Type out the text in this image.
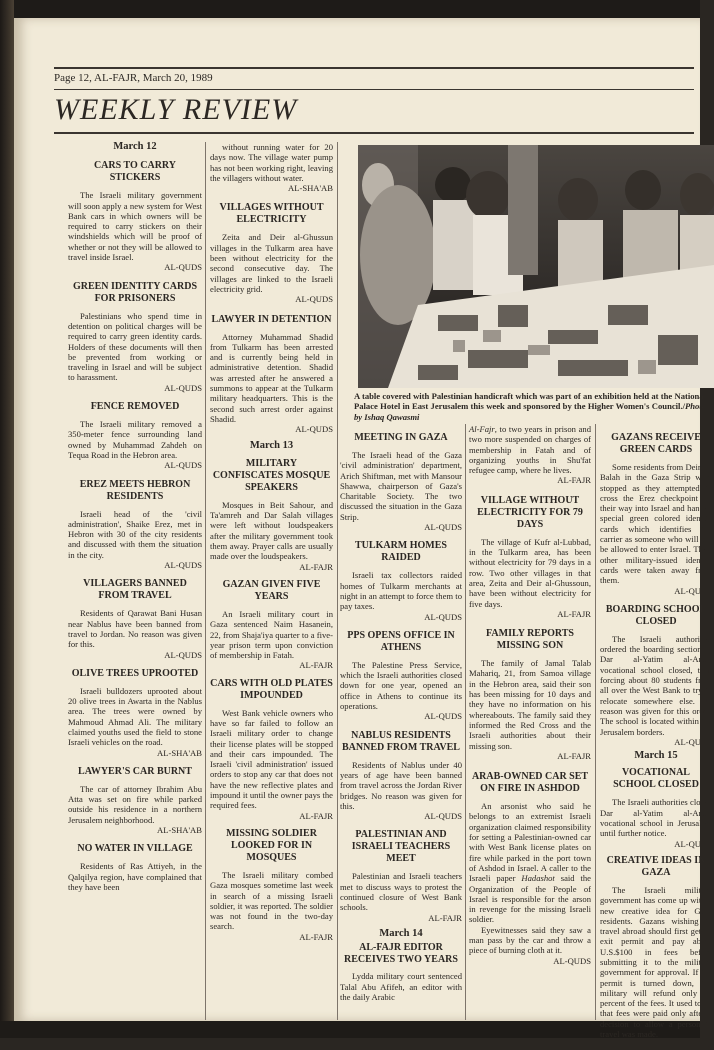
Page 12, AL-FAJR, March 20, 1989
WEEKLY REVIEW
March 12
CARS TO CARRY STICKERS

The Israeli military government will soon apply a new system for West Bank cars in which owners will be required to carry stickers on their windshields which will be proof of whether or not they will be allowed to travel inside Israel.

AL-QUDS
GREEN IDENTITY CARDS FOR PRISONERS

Palestinians who spend time in detention on political charges will be required to carry green identity cards. Holders of these documents will then be prevented from working or traveling in Israel and will be subject to harassment.

AL-QUDS
FENCE REMOVED

The Israeli military removed a 350-meter fence surrounding land owned by Muhammad Zahdeh on Tequa Road in the Hebron area.

AL-QUDS
EREZ MEETS HEBRON RESIDENTS

Israeli head of the 'civil administration', Shaike Erez, met in Hebron with 30 of the city residents and discussed with them the situation in the city.

AL-QUDS
VILLAGERS BANNED FROM TRAVEL

Residents of Qarawat Bani Husan near Nablus have been banned from travel to Jordan. No reason was given for this.

AL-QUDS
OLIVE TREES UPROOTED

Israeli bulldozers uprooted about 20 olive trees in Awarta in the Nablus area. The trees were owned by Mahmoud Ahmad Ali. The military claimed youths used the field to stone Israeli vehicles on the road.

AL-SHA'AB
LAWYER'S CAR BURNT

The car of attorney Ibrahim Abu Atta was set on fire while parked outside his residence in a northern Jerusalem neighborhood.

AL-SHA'AB
NO WATER IN VILLAGE

Residents of Ras Attiyeh, in the Qalqilya region, have complained that they have been

without running water for 20 days now. The village water pump has not been working right, leaving the villagers without water.

AL-SHA'AB
VILLAGES WITHOUT ELECTRICITY

Zeita and Deir al-Ghussun villages in the Tulkarm area have been without electricity for the second consecutive day. The villages are linked to the Israeli electricity grid.

AL-QUDS
LAWYER IN DETENTION

Attorney Muhammad Shadid from Tulkarm has been arrested and is currently being held in administrative detention. Shadid was arrested after he answered a summons to appear at the Tulkarm military headquarters. This is the second such arrest order against Shadid.

AL-QUDS
March 13
MILITARY CONFISCATES MOSQUE SPEAKERS

Mosques in Beit Sahour, and Ta'amreh and Dar Salah villages were left without loudspeakers after the military government took them away. Prayer calls are usually made over the loudspeakers.

AL-FAJR
GAZAN GIVEN FIVE YEARS

An Israeli military court in Gaza sentenced Naim Hasanein, 22, from Shaja'iya quarter to a five-year prison term upon conviction of membership in Fatah.

AL-FAJR
CARS WITH OLD PLATES IMPOUNDED

West Bank vehicle owners who have so far failed to follow an Israeli military order to change their license plates will be stopped and their cars impounded. The Israeli 'civil administration' issued orders to stop any car that does not have the new reflective plates and impound it until the owner pays the required fees.

AL-FAJR
MISSING SOLDIER LOOKED FOR IN MOSQUES

The Israeli military combed Gaza mosques sometime last week in search of a missing Israeli soldier, it was reported. The soldier was not found in the two-day search.

AL-FAJR
A table covered with Palestinian handicraft which was part of an exhibition held at the National Palace Hotel in East Jerusalem this week and sponsored by the Higher Women's Council./Photo by Ishaq Qawasmi
MEETING IN GAZA

The Israeli head of the Gaza 'civil administration' department, Arich Shiftman, met with Mansour Shawwa, chairperson of Gaza's Charitable Society. The two discussed the situation in the Gaza Strip.

AL-QUDS
TULKARM HOMES RAIDED

Israeli tax collectors raided homes of Tulkarm merchants at night in an attempt to force them to pay taxes.

AL-QUDS
PPS OPENS OFFICE IN ATHENS

The Palestine Press Service, which the Israeli authorities closed down for one year, opened an office in Athens to continue its operations.

AL-QUDS
NABLUS RESIDENTS BANNED FROM TRAVEL

Residents of Nablus under 40 years of age have been banned from travel across the Jordan River bridges. No reason was given for this.

AL-QUDS
PALESTINIAN AND ISRAELI TEACHERS MEET

Palestinian and Israeli teachers met to discuss ways to protest the continued closure of West Bank schools.

AL-FAJR
March 14
AL-FAJR EDITOR RECEIVES TWO YEARS

Lydda military court sentenced Talal Abu Afifeh, an editor with the daily Arabic

Al-Fajr, to two years in prison and two more suspended on charges of membership in Fatah and of organizing youths in Shu'fat refugee camp, where he lives.

AL-FAJR
VILLAGE WITHOUT ELECTRICITY FOR 79 DAYS

The village of Kufr al-Lubbad, in the Tulkarm area, has been without electricity for 79 days in a row. Two other villages in that area, Zeita and Deir al-Ghussoun, have been without electricity for five days.

AL-FAJR
FAMILY REPORTS MISSING SON

The family of Jamal Talab Mahariq, 21, from Samoa village in the Hebron area, said their son has been missing for 10 days and they have no information on his whereabouts. The family said they informed the Red Cross and the Israeli authorities about their missing son.

AL-FAJR
ARAB-OWNED CAR SET ON FIRE IN ASHDOD

An arsonist who said he belongs to an extremist Israeli organization claimed responsibility for setting a Palestinian-owned car with West Bank license plates on fire while parked in the port town of Ashdod in Israel. A caller to the Israeli paper Hadashot said the Organization of the People of Israel is responsible for the arson in revenge for the missing Israeli soldier.

Eyewitnesses said they saw a man pass by the car and throw a piece of burning cloth at it.

AL-QUDS
GAZANS RECEIVE GREEN CARDS

Some residents from Deir al-Balah in the Gaza Strip were stopped as they attempted to cross the Erez checkpoint on their way into Israel and handed special green colored identity cards which identifies the carrier as someone who will not be allowed to enter Israel. Their other military-issued identity cards were taken away from them.

AL-QUDS
BOARDING SCHOOL CLOSED

The Israeli authorities ordered the boarding section of Dar al-Yatim al-Arabi vocational school closed, thus forcing about 80 students from all over the West Bank to try to relocate somewhere else. No reason was given for this order. The school is located within the Jerusalem borders.

AL-QUDS
March 15
VOCATIONAL SCHOOL CLOSED

The Israeli authorities closed Dar al-Yatim al-Arabi vocational school in Jerusalem until further notice.

AL-QUDS
CREATIVE IDEAS IN GAZA

The Israeli military government has come up with a new creative idea for Gaza residents. Gazans wishing to travel abroad should first get an exit permit and pay about U.S.$100 in fees before submitting it to the military government for approval. If the permit is turned down, the military will refund only 60 percent of the fees. It used to be that fees were paid only after a decision to allow a person to travel was made.

AL-FAJR
